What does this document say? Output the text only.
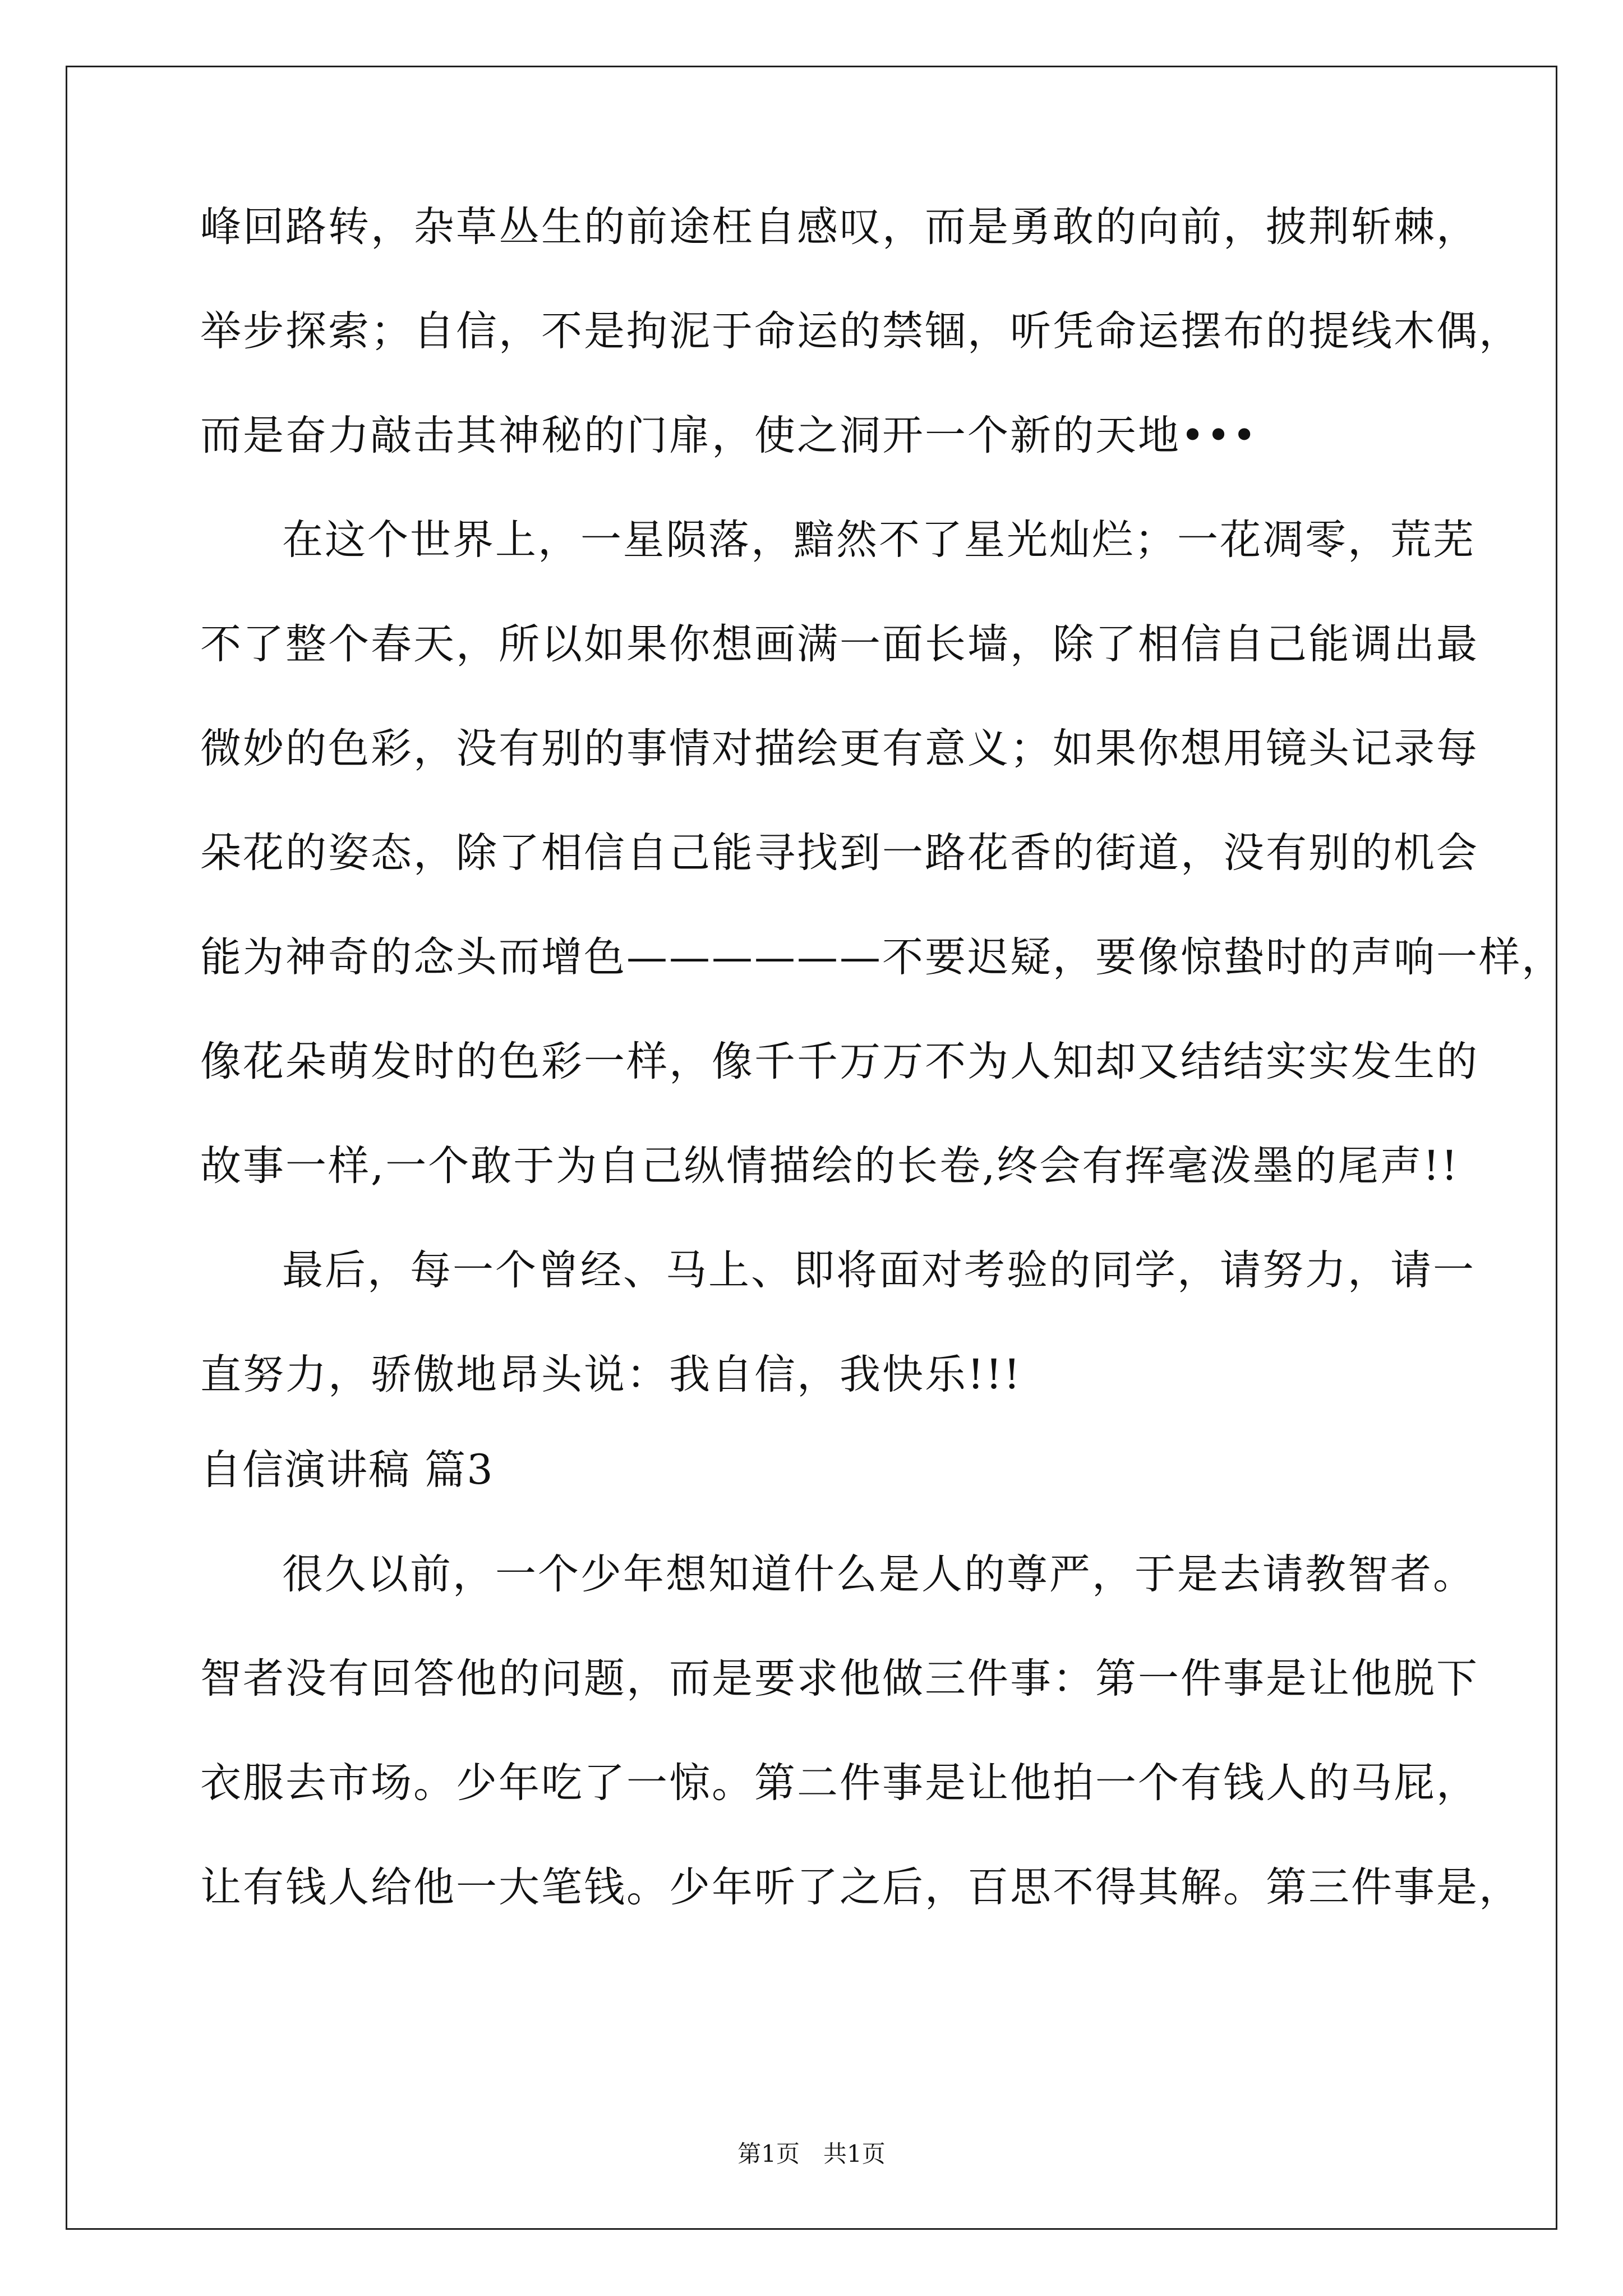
峰回路转，杂草丛生的前途枉自感叹，而是勇敢的向前，披荆斩棘，
举步探索；自信，不是拘泥于命运的禁锢，听凭命运摆布的提线木偶，
而是奋力敲击其神秘的门扉，使之洞开一个新的天地•••
在这个世界上，一星陨落，黯然不了星光灿烂；一花凋零，荒芜
不了整个春天，所以如果你想画满一面长墙，除了相信自己能调出最
微妙的色彩，没有别的事情对描绘更有意义；如果你想用镜头记录每
朵花的姿态，除了相信自己能寻找到一路花香的街道，没有别的机会
能为神奇的念头而增色——————不要迟疑，要像惊蛰时的声响一样，
像花朵萌发时的色彩一样，像千千万万不为人知却又结结实实发生的
故事一样,一个敢于为自己纵情描绘的长卷,终会有挥毫泼墨的尾声!!
最后，每一个曾经、马上、即将面对考验的同学，请努力，请一
直努力，骄傲地昂头说：我自信，我快乐!!!
自信演讲稿 篇3
很久以前，一个少年想知道什么是人的尊严，于是去请教智者。
智者没有回答他的问题，而是要求他做三件事：第一件事是让他脱下
衣服去市场。少年吃了一惊。第二件事是让他拍一个有钱人的马屁，
让有钱人给他一大笔钱。少年听了之后，百思不得其解。第三件事是，
第1页　共1页
